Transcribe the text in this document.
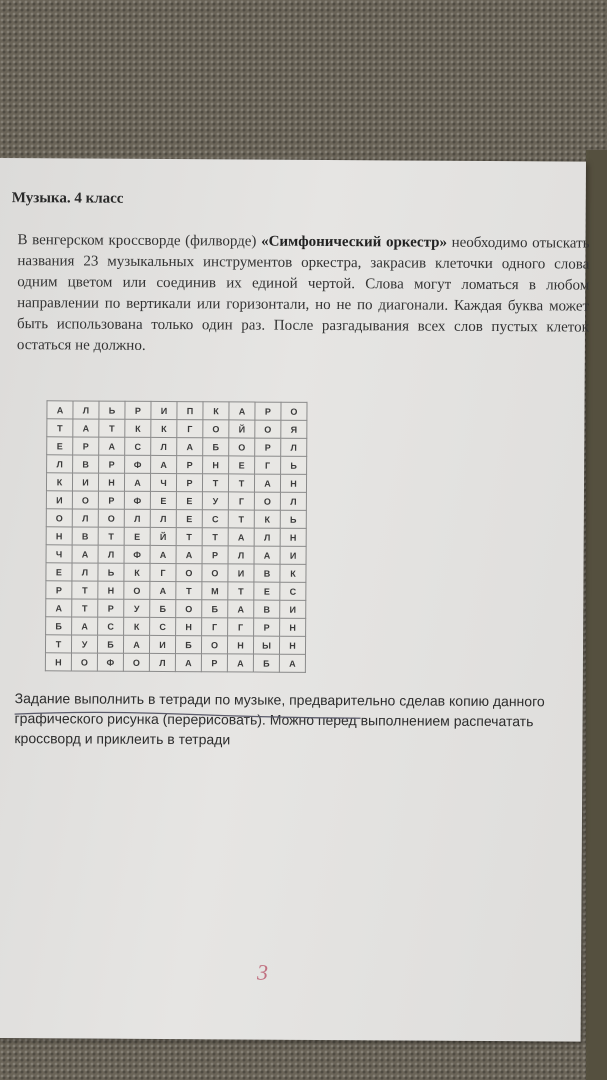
Музыка. 4 класс

В венгерском кроссворде (филворде) «Симфонический оркестр» необходимо отыскать названия 23 музыкальных инструментов оркестра, закрасив клеточки одного слова одним цветом или соединив их единой чертой. Слова могут ломаться в любом направлении по вертикали или горизонтали, но не по диагонали. Каждая буква может быть использована только один раз. После разгадывания всех слов пустых клеток остаться не должно.

А	Л	Ь	Р	И	П	К	А	Р	О
Т	А	Т	К	К	Г	О	Й	О	Я
Е	Р	А	С	Л	А	Б	О	Р	Л
Л	В	Р	Ф	А	Р	Н	Е	Г	Ь
К	И	Н	А	Ч	Р	Т	Т	А	Н
И	О	Р	Ф	Е	Е	У	Г	О	Л
О	Л	О	Л	Л	Е	С	Т	К	Ь
Н	В	Т	Е	Й	Т	Т	А	Л	Н
Ч	А	Л	Ф	А	А	Р	Л	А	И
Е	Л	Ь	К	Г	О	О	И	В	К
Р	Т	Н	О	А	Т	М	Т	Е	С
А	Т	Р	У	Б	О	Б	А	В	И
Б	А	С	К	С	Н	Г	Г	Р	Н
Т	У	Б	А	И	Б	О	Н	Ы	Н
Н	О	Ф	О	Л	А	Р	А	Б	А

Задание выполнить в тетради по музыке, предварительно сделав копию данного графического рисунка (перерисовать). Можно перед выполнением распечатать кроссворд и приклеить в тетради

3
